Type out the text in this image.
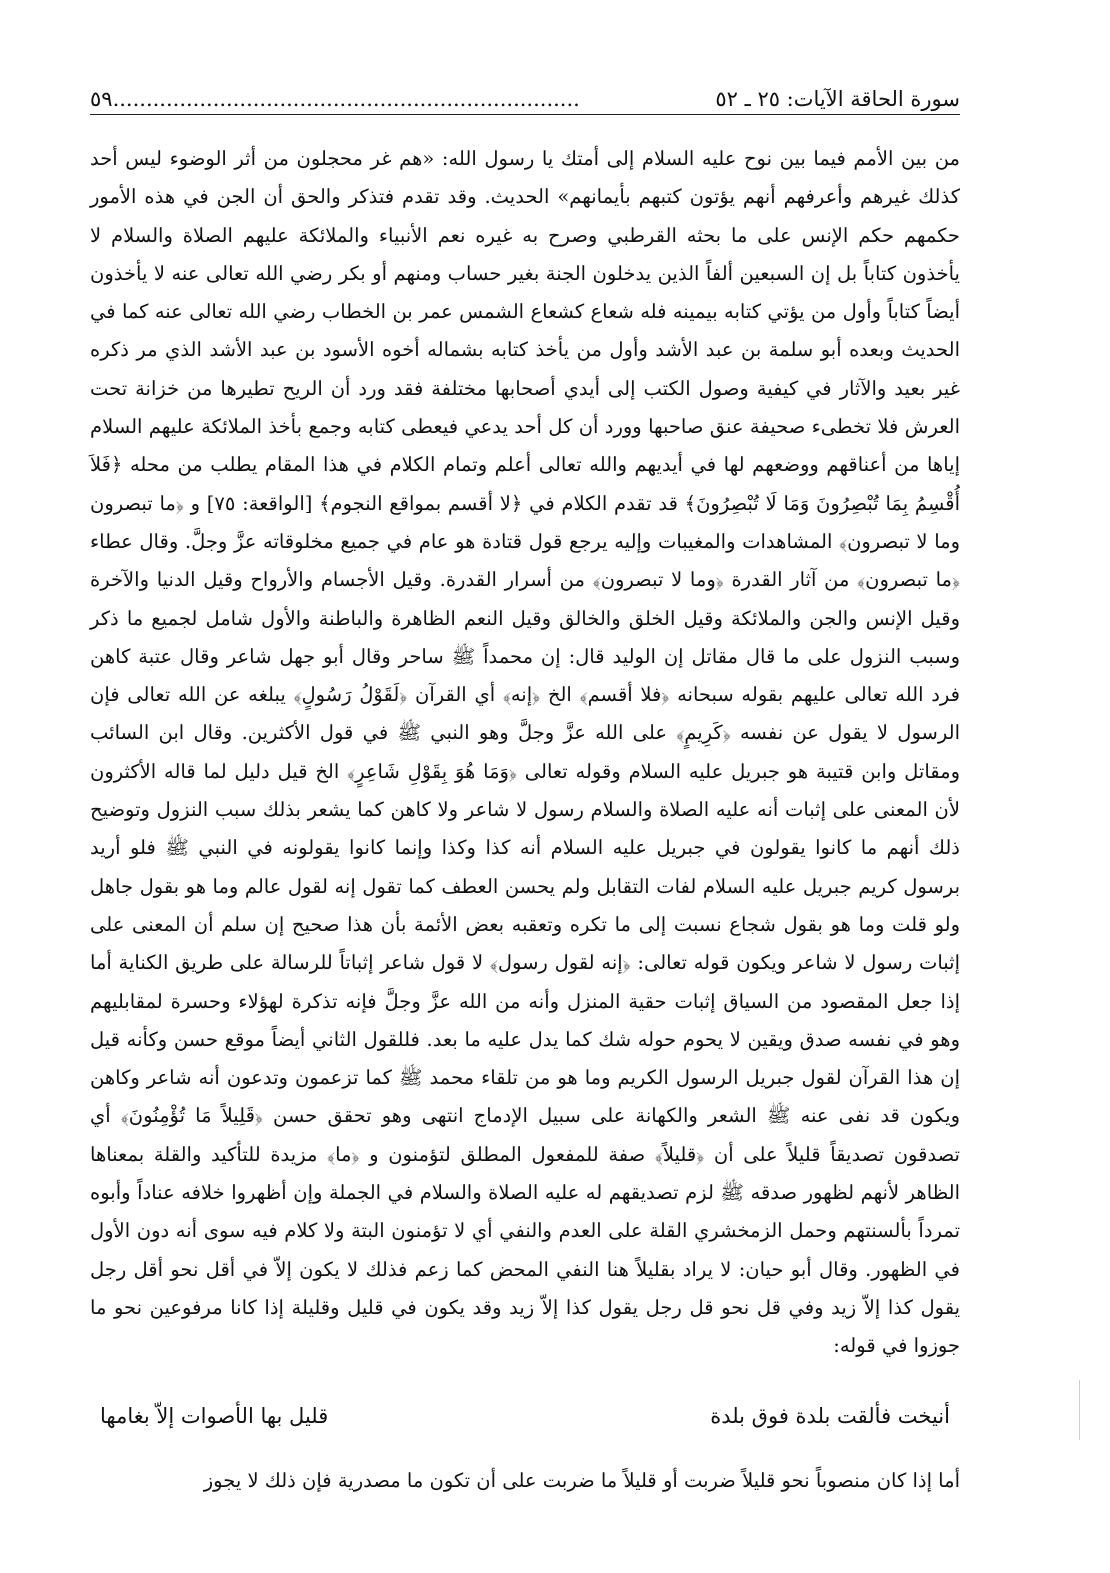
سورة الحاقة الآيات: ٢٥ ـ ٥٢
......................................................................٥٩

من بين الأمم فيما بين نوح عليه السلام إلى أمتك يا رسول الله: «هم غر محجلون من أثر الوضوء ليس أحد كذلك غيرهم وأعرفهم أنهم يؤتون كتبهم بأيمانهم» الحديث. وقد تقدم فتذكر والحق أن الجن في هذه الأمور حكمهم حكم الإنس على ما بحثه القرطبي وصرح به غيره نعم الأنبياء والملائكة عليهم الصلاة والسلام لا يأخذون كتاباً بل إن السبعين ألفاً الذين يدخلون الجنة بغير حساب ومنهم أو بكر رضي الله تعالى عنه لا يأخذون أيضاً كتاباً وأول من يؤتي كتابه بيمينه فله شعاع كشعاع الشمس عمر بن الخطاب رضي الله تعالى عنه كما في الحديث وبعده أبو سلمة بن عبد الأشد وأول من يأخذ كتابه بشماله أخوه الأسود بن عبد الأشد الذي مر ذكره غير بعيد والآثار في كيفية وصول الكتب إلى أيدي أصحابها مختلفة فقد ورد أن الريح تطيرها من خزانة تحت العرش فلا تخطىء صحيفة عنق صاحبها وورد أن كل أحد يدعي فيعطى كتابه وجمع بأخذ الملائكة عليهم السلام إياها من أعناقهم ووضعهم لها في أيديهم والله تعالى أعلم وتمام الكلام في هذا المقام يطلب من محله ﴿فَلاَ أُقْسِمُ بِمَا تُبْصِرُونَ وَمَا لَا تُبْصِرُونَ﴾ قد تقدم الكلام في ﴿لا أقسم بمواقع النجوم﴾ [الواقعة: ٧٥] و ﴿ما تبصرون وما لا تبصرون﴾ المشاهدات والمغيبات وإليه يرجع قول قتادة هو عام في جميع مخلوقاته عزَّ وجلَّ. وقال عطاء ﴿ما تبصرون﴾ من آثار القدرة ﴿وما لا تبصرون﴾ من أسرار القدرة. وقيل الأجسام والأرواح وقيل الدنيا والآخرة وقيل الإنس والجن والملائكة وقيل الخلق والخالق وقيل النعم الظاهرة والباطنة والأول شامل لجميع ما ذكر وسبب النزول على ما قال مقاتل إن الوليد قال: إن محمداً ﷺ ساحر وقال أبو جهل شاعر وقال عتبة كاهن فرد الله تعالى عليهم بقوله سبحانه ﴿فلا أقسم﴾ الخ ﴿إنه﴾ أي القرآن ﴿لَقَوْلُ رَسُولٍ﴾ يبلغه عن الله تعالى فإن الرسول لا يقول عن نفسه ﴿كَرِيمٍ﴾ على الله عزَّ وجلَّ وهو النبي ﷺ في قول الأكثرين. وقال ابن السائب ومقاتل وابن قتيبة هو جبريل عليه السلام وقوله تعالى ﴿وَمَا هُوَ بِقَوْلِ شَاعِرٍ﴾ الخ قيل دليل لما قاله الأكثرون لأن المعنى على إثبات أنه عليه الصلاة والسلام رسول لا شاعر ولا كاهن كما يشعر بذلك سبب النزول وتوضيح ذلك أنهم ما كانوا يقولون في جبريل عليه السلام أنه كذا وكذا وإنما كانوا يقولونه في النبي ﷺ فلو أريد برسول كريم جبريل عليه السلام لفات التقابل ولم يحسن العطف كما تقول إنه لقول عالم وما هو بقول جاهل ولو قلت وما هو بقول شجاع نسبت إلى ما تكره وتعقبه بعض الأئمة بأن هذا صحيح إن سلم أن المعنى على إثبات رسول لا شاعر ويكون قوله تعالى: ﴿إنه لقول رسول﴾ لا قول شاعر إثباتاً للرسالة على طريق الكناية أما إذا جعل المقصود من السياق إثبات حقية المنزل وأنه من الله عزَّ وجلَّ فإنه تذكرة لهؤلاء وحسرة لمقابليهم وهو في نفسه صدق ويقين لا يحوم حوله شك كما يدل عليه ما بعد. فللقول الثاني أيضاً موقع حسن وكأنه قيل إن هذا القرآن لقول جبريل الرسول الكريم وما هو من تلقاء محمد ﷺ كما تزعمون وتدعون أنه شاعر وكاهن ويكون قد نفى عنه ﷺ الشعر والكهانة على سبيل الإدماج انتهى وهو تحقق حسن ﴿قَلِيلاً مَا تُؤْمِنُونَ﴾ أي تصدقون تصديقاً قليلاً على أن ﴿قليلاً﴾ صفة للمفعول المطلق لتؤمنون و ﴿ما﴾ مزيدة للتأكيد والقلة بمعناها الظاهر لأنهم لظهور صدقه ﷺ لزم تصديقهم له عليه الصلاة والسلام في الجملة وإن أظهروا خلافه عناداً وأبوه تمرداً بألسنتهم وحمل الزمخشري القلة على العدم والنفي أي لا تؤمنون البتة ولا كلام فيه سوى أنه دون الأول في الظهور. وقال أبو حيان: لا يراد بقليلاً هنا النفي المحض كما زعم فذلك لا يكون إلاّ في أقل نحو أقل رجل يقول كذا إلاّ زيد وفي قل نحو قل رجل يقول كذا إلاّ زيد وقد يكون في قليل وقليلة إذا كانا مرفوعين نحو ما جوزوا في قوله:

أنيخت فألقت بلدة فوق بلدة
قليل بها الأصوات إلاّ بغامها
أما إذا كان منصوباً نحو قليلاً ضربت أو قليلاً ما ضربت على أن تكون ما مصدرية فإن ذلك لا يجوز
